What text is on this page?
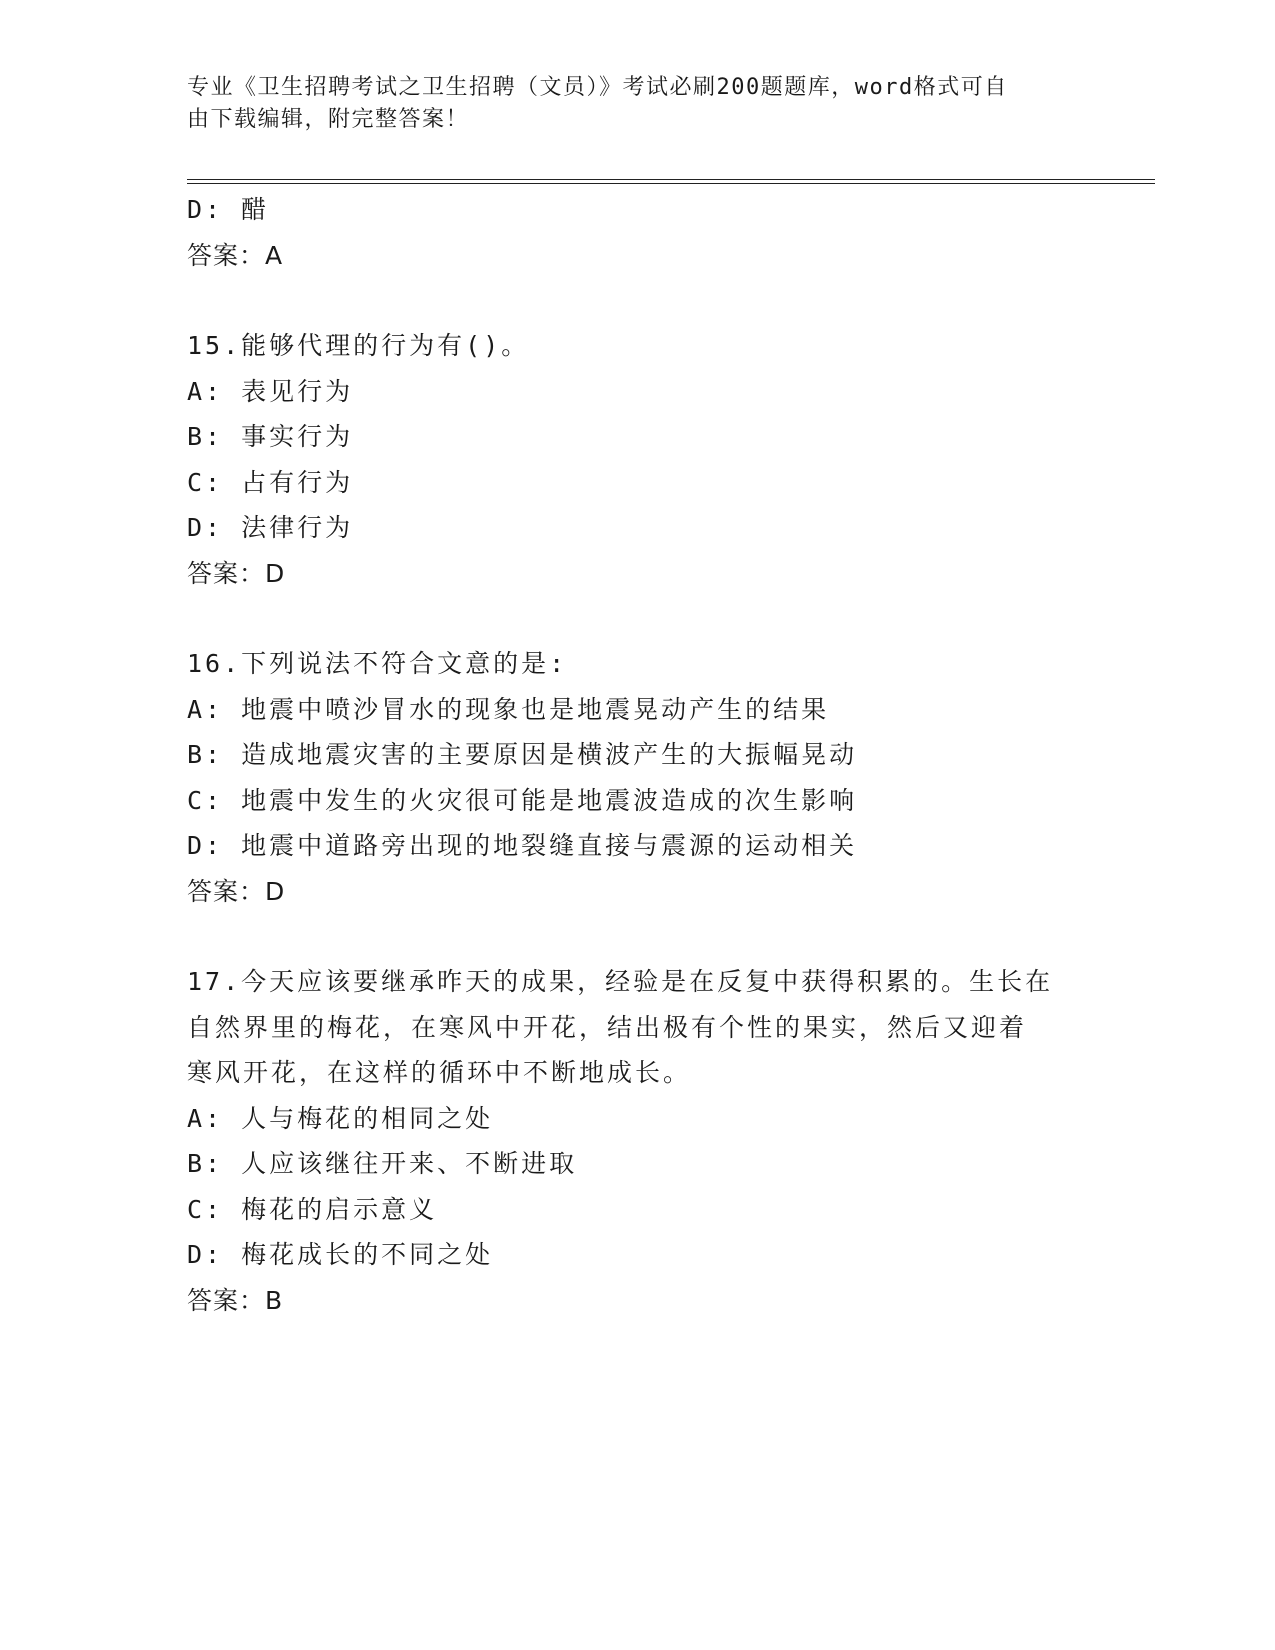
专业《卫生招聘考试之卫生招聘（文员）》考试必刷200题题库，word格式可自
由下载编辑，附完整答案！
D: 醋
答案：A
15.能够代理的行为有()。
A: 表见行为
B: 事实行为
C: 占有行为
D: 法律行为
答案：D
16.下列说法不符合文意的是:
A: 地震中喷沙冒水的现象也是地震晃动产生的结果
B: 造成地震灾害的主要原因是横波产生的大振幅晃动
C: 地震中发生的火灾很可能是地震波造成的次生影响
D: 地震中道路旁出现的地裂缝直接与震源的运动相关
答案：D
17.今天应该要继承昨天的成果，经验是在反复中获得积累的。生长在
自然界里的梅花，在寒风中开花，结出极有个性的果实，然后又迎着
寒风开花，在这样的循环中不断地成长。
A: 人与梅花的相同之处
B: 人应该继往开来、不断进取
C: 梅花的启示意义
D: 梅花成长的不同之处
答案：B
